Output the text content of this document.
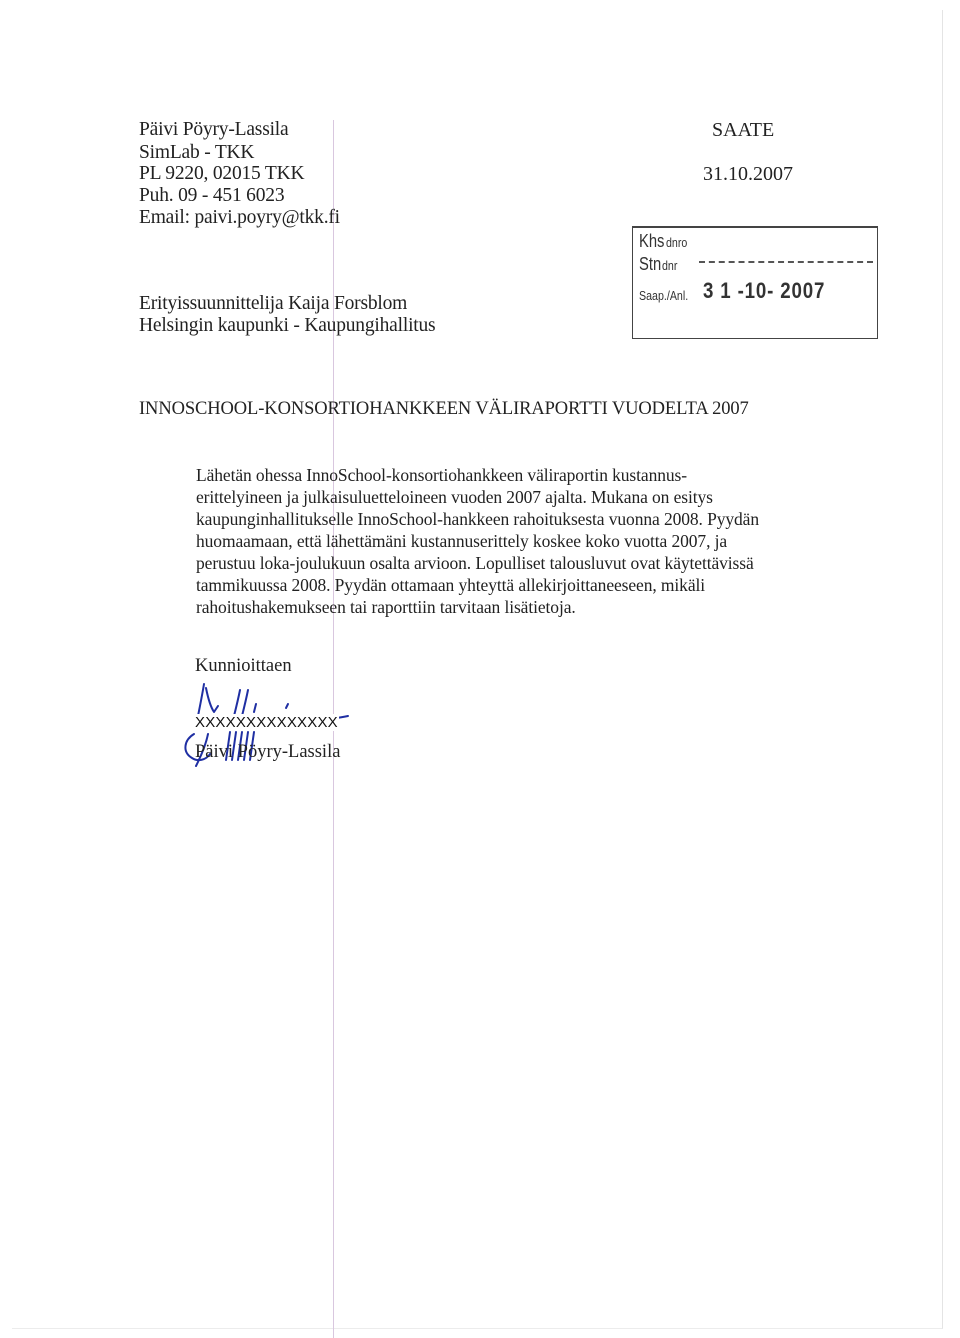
Päivi Pöyry-Lassila
SimLab - TKK
PL 9220, 02015 TKK
Puh. 09 - 451 6023
Email: paivi.poyry@tkk.fi
SAATE
31.10.2007
Khs dnro
Stndnr
Saap./Anl. 3 1 -10- 2007
Erityissuunnittelija Kaija Forsblom
Helsingin kaupunki - Kaupungihallitus
INNOSCHOOL-KONSORTIOHANKKEEN VÄLIRAPORTTI VUODELTA 2007
Lähetän ohessa InnoSchool-konsortiohankkeen väliraportin kustannus-
erittelyineen ja julkaisuluetteloineen vuoden 2007 ajalta. Mukana on esitys
kaupunginhallitukselle InnoSchool-hankkeen rahoituksesta vuonna 2008. Pyydän
huomaamaan, että lähettämäni kustannuserittely koskee koko vuotta 2007, ja
perustuu loka-joulukuun osalta arvioon. Lopulliset talousluvut ovat käytettävissä
tammikuussa 2008. Pyydän ottamaan yhteyttä allekirjoittaneeseen, mikäli
rahoitushakemukseen tai raporttiin tarvitaan lisätietoja.
Kunnioittaen
XXXXXXXXXXXXXX
Päivi Pöyry-Lassila
